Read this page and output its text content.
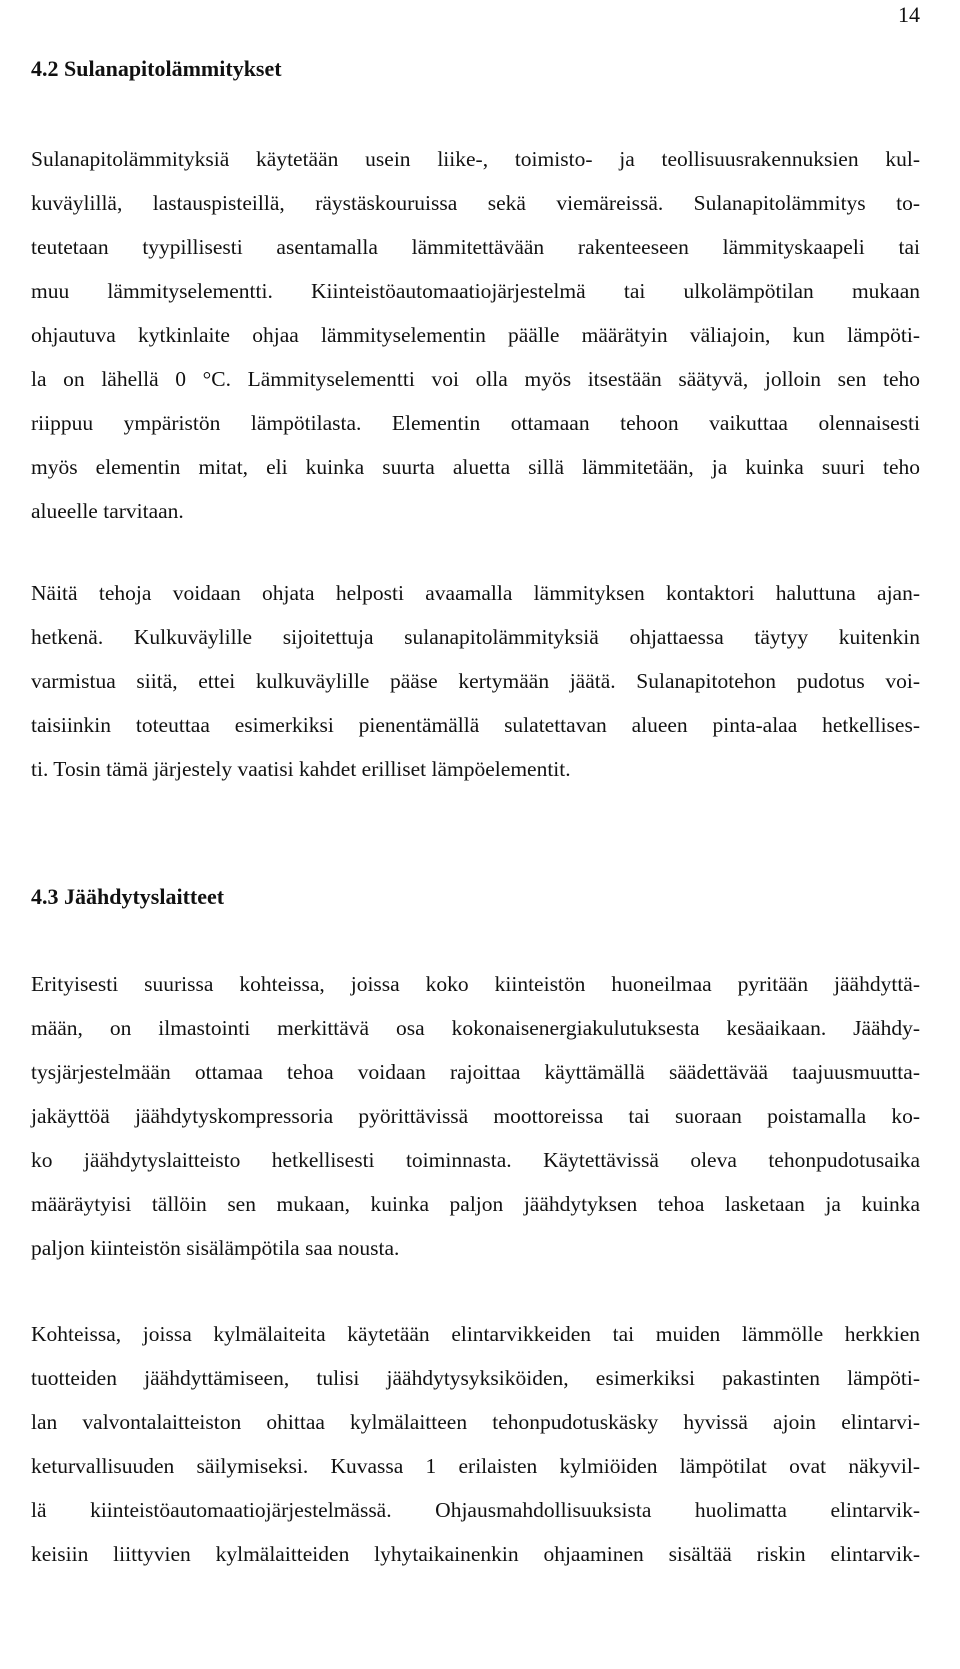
14
4.2 Sulanapitolämmitykset
Sulanapitolämmityksiä käytetään usein liike-, toimisto- ja teollisuusrakennuksien kul-
kuväylillä, lastauspisteillä, räystäskouruissa sekä viemäreissä. Sulanapitolämmitys to-
teutetaan tyypillisesti asentamalla lämmitettävään rakenteeseen lämmityskaapeli tai
muu lämmityselementti. Kiinteistöautomaatiojärjestelmä tai ulkolämpötilan mukaan
ohjautuva kytkinlaite ohjaa lämmityselementin päälle määrätyin väliajoin, kun lämpöti-
la on lähellä 0 °C. Lämmityselementti voi olla myös itsestään säätyvä, jolloin sen teho
riippuu ympäristön lämpötilasta. Elementin ottamaan tehoon vaikuttaa olennaisesti
myös elementin mitat, eli kuinka suurta aluetta sillä lämmitetään, ja kuinka suuri teho
alueelle tarvitaan.
Näitä tehoja voidaan ohjata helposti avaamalla lämmityksen kontaktori haluttuna ajan-
hetkenä. Kulkuväylille sijoitettuja sulanapitolämmityksiä ohjattaessa täytyy kuitenkin
varmistua siitä, ettei kulkuväylille pääse kertymään jäätä. Sulanapitotehon pudotus voi-
taisiinkin toteuttaa esimerkiksi pienentämällä sulatettavan alueen pinta-alaa hetkellises-
ti. Tosin tämä järjestely vaatisi kahdet erilliset lämpöelementit.
4.3 Jäähdytyslaitteet
Erityisesti suurissa kohteissa, joissa koko kiinteistön huoneilmaa pyritään jäähdyttä-
mään, on ilmastointi merkittävä osa kokonaisenergiakulutuksesta kesäaikaan. Jäähdy-
tysjärjestelmään ottamaa tehoa voidaan rajoittaa käyttämällä säädettävää taajuusmuutta-
jakäyttöä jäähdytyskompressoria pyörittävissä moottoreissa tai suoraan poistamalla ko-
ko jäähdytyslaitteisto hetkellisesti toiminnasta. Käytettävissä oleva tehonpudotusaika
määräytyisi tällöin sen mukaan, kuinka paljon jäähdytyksen tehoa lasketaan ja kuinka
paljon kiinteistön sisälämpötila saa nousta.
Kohteissa, joissa kylmälaiteita käytetään elintarvikkeiden tai muiden lämmölle herkkien
tuotteiden jäähdyttämiseen, tulisi jäähdytysyksiköiden, esimerkiksi pakastinten lämpöti-
lan valvontalaitteiston ohittaa kylmälaitteen tehonpudotuskäsky hyvissä ajoin elintarvi-
keturvallisuuden säilymiseksi. Kuvassa 1 erilaisten kylmiöiden lämpötilat ovat näkyvil-
lä kiinteistöautomaatiojärjestelmässä. Ohjausmahdollisuuksista huolimatta elintarvik-
keisiin liittyvien kylmälaitteiden lyhytaikainenkin ohjaaminen sisältää riskin elintarvik-
